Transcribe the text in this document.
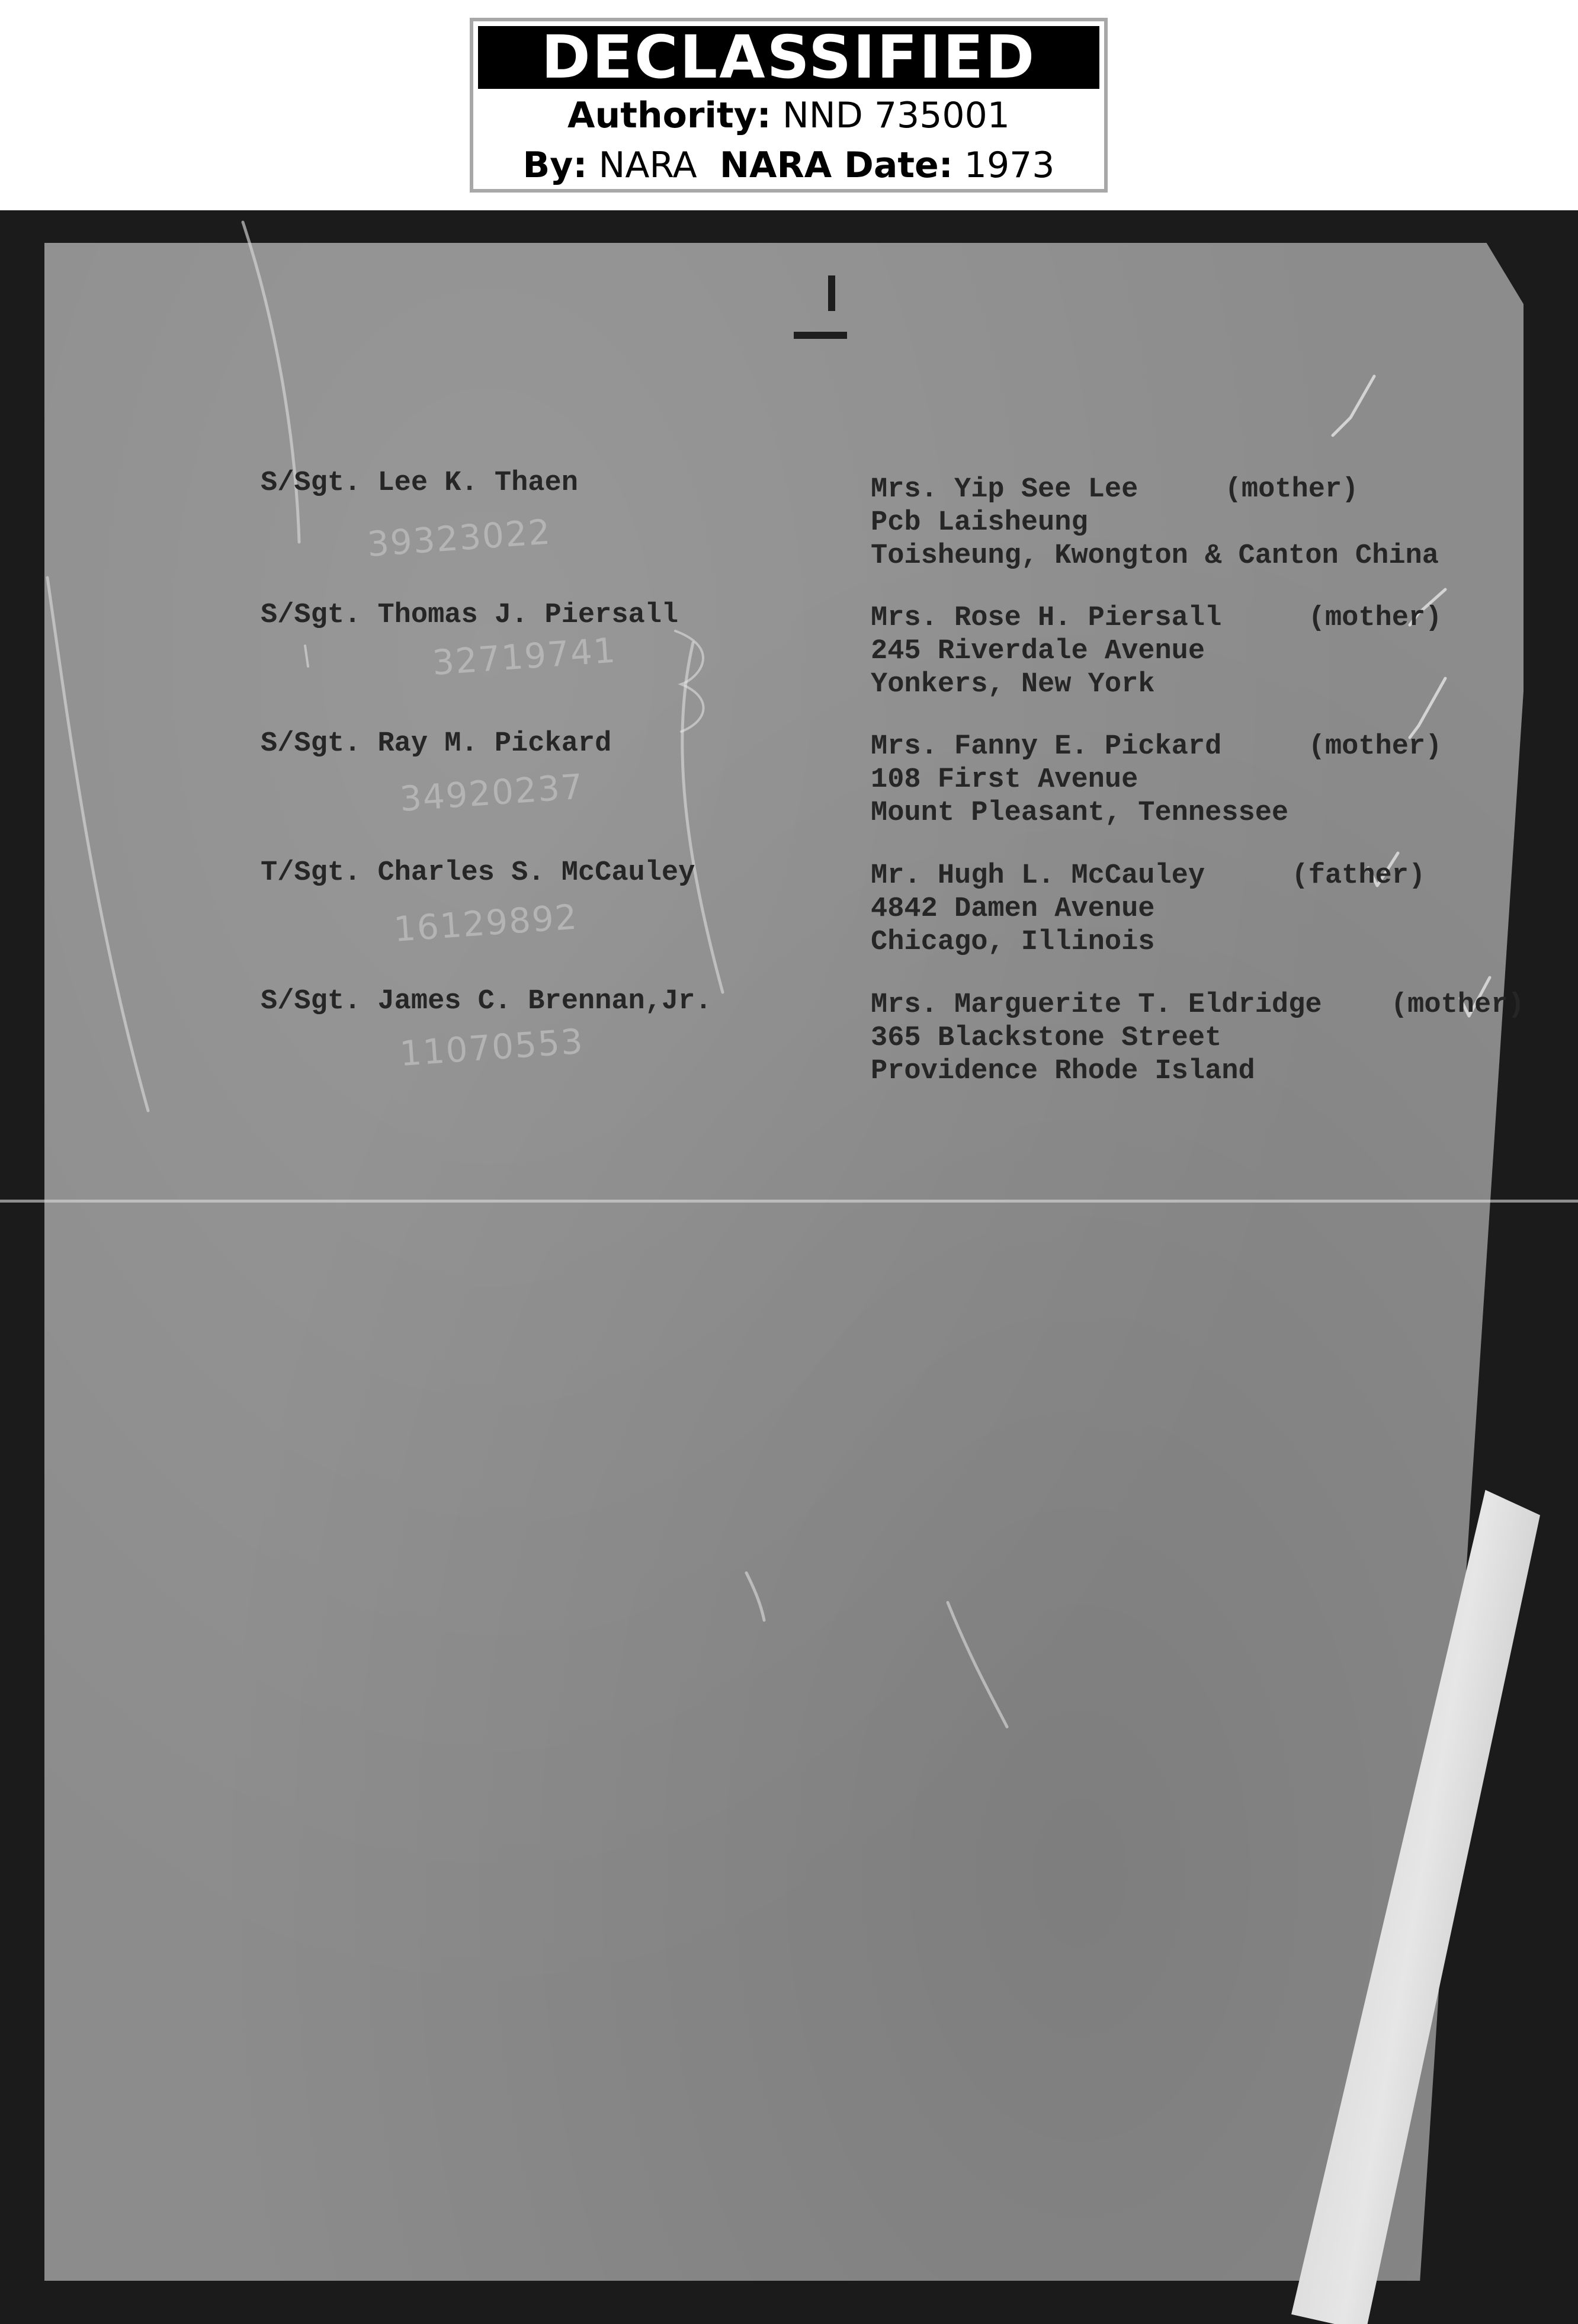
DECLASSIFIED
Authority: NND 735001
By: NARA NARA Date: 1973
S/Sgt. Lee K. Thaen
39323022
Mrs. Yip See Lee	(mother)
Pcb Laisheung
Toisheung, Kwongton & Canton China
S/Sgt. Thomas J. Piersall
32719741
Mrs. Rose H. Piersall	(mother)
245 Riverdale Avenue
Yonkers, New York
S/Sgt. Ray M. Pickard
34920237
Mrs. Fanny E. Pickard	(mother)
108 First Avenue
Mount Pleasant, Tennessee
T/Sgt. Charles S. McCauley
16129892
Mr. Hugh L. McCauley	(father)
4842 Damen Avenue
Chicago, Illinois
S/Sgt. James C. Brennan,Jr.
11070553
Mrs. Marguerite T. Eldridge (mother)
365 Blackstone Street
Providence Rhode Island
